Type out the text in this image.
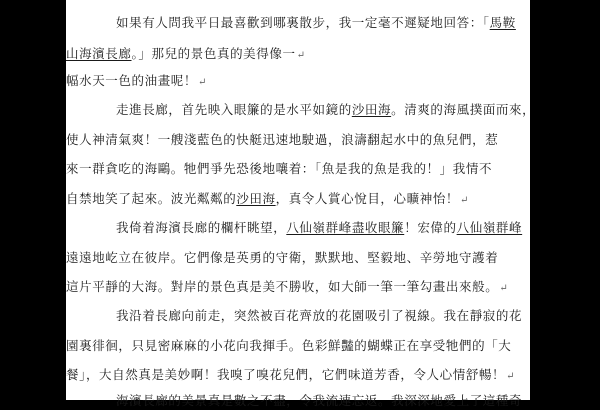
如果有人問我平日最喜歡到哪裏散步，我一定毫不遲疑地回答：「馬鞍
山海濱長廊。」那兒的景色真的美得像一↵
幅水天一色的油畫呢！↵
走進長廊，首先映入眼簾的是水平如鏡的沙田海。清爽的海風撲面而來，
使人神清氣爽！一艘淺藍色的快艇迅速地駛過，浪濤翻起水中的魚兒們，惹
來一群貪吃的海鷗。牠們爭先恐後地嚷着：「魚是我的魚是我的！」我情不
自禁地笑了起來。波光粼粼的沙田海，真令人賞心悅目，心曠神怡！↵
我倚着海濱長廊的欄杆眺望，八仙嶺群峰盡收眼簾！宏偉的八仙嶺群峰
遠遠地屹立在彼岸。它們像是英勇的守衛，默默地、堅毅地、辛勞地守護着
這片平靜的大海。對岸的景色真是美不勝收，如大師一筆一筆勾畫出來般。↵
我沿着長廊向前走，突然被百花齊放的花園吸引了視線。我在靜寂的花
園裏徘徊，只見密麻麻的小花向我揮手。色彩鮮豔的蝴蝶正在享受牠們的「大
餐」，大自然真是美妙啊！我嗅了嗅花兒們，它們味道芳香，令人心情舒暢！↵
海濱長廊的美景真是數之不盡，令我流連忘返。我深深地愛上了這種奇
